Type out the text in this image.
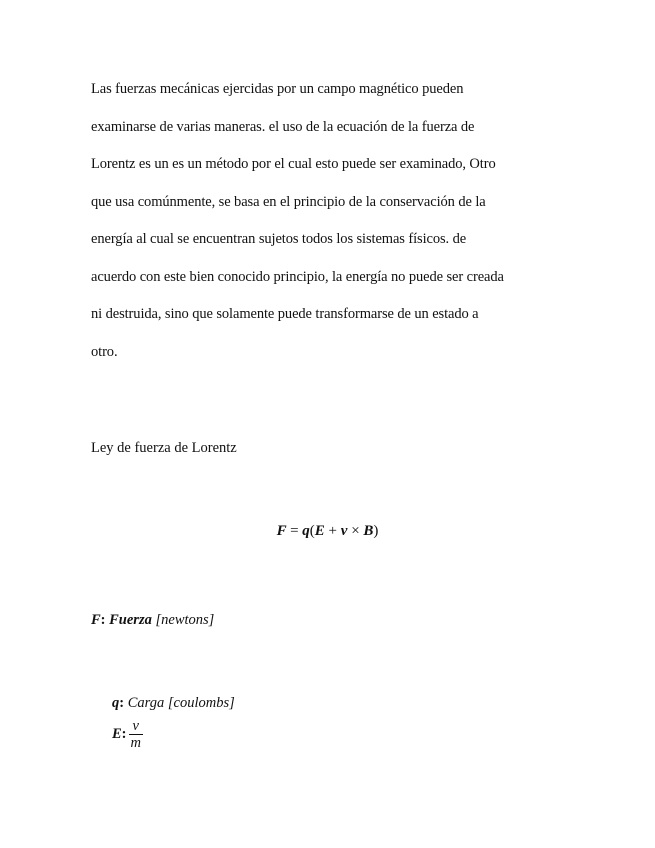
Las fuerzas mecánicas ejercidas por un campo magnético pueden
examinarse de varias maneras. el uso de la ecuación de la fuerza de
Lorentz es un es un método por el cual esto puede ser examinado, Otro
que usa comúnmente, se basa en el principio de la conservación de la
energía al cual se encuentran sujetos todos los sistemas físicos. de
acuerdo con este bien conocido principio, la energía no puede ser creada
ni destruida, sino que solamente puede transformarse de un estado a
otro.
Ley de fuerza de Lorentz
F = q(E + v × B)
F: Fuerza [newtons]
q: Carga [coulombs]
E: $\frac{v}{m}$
